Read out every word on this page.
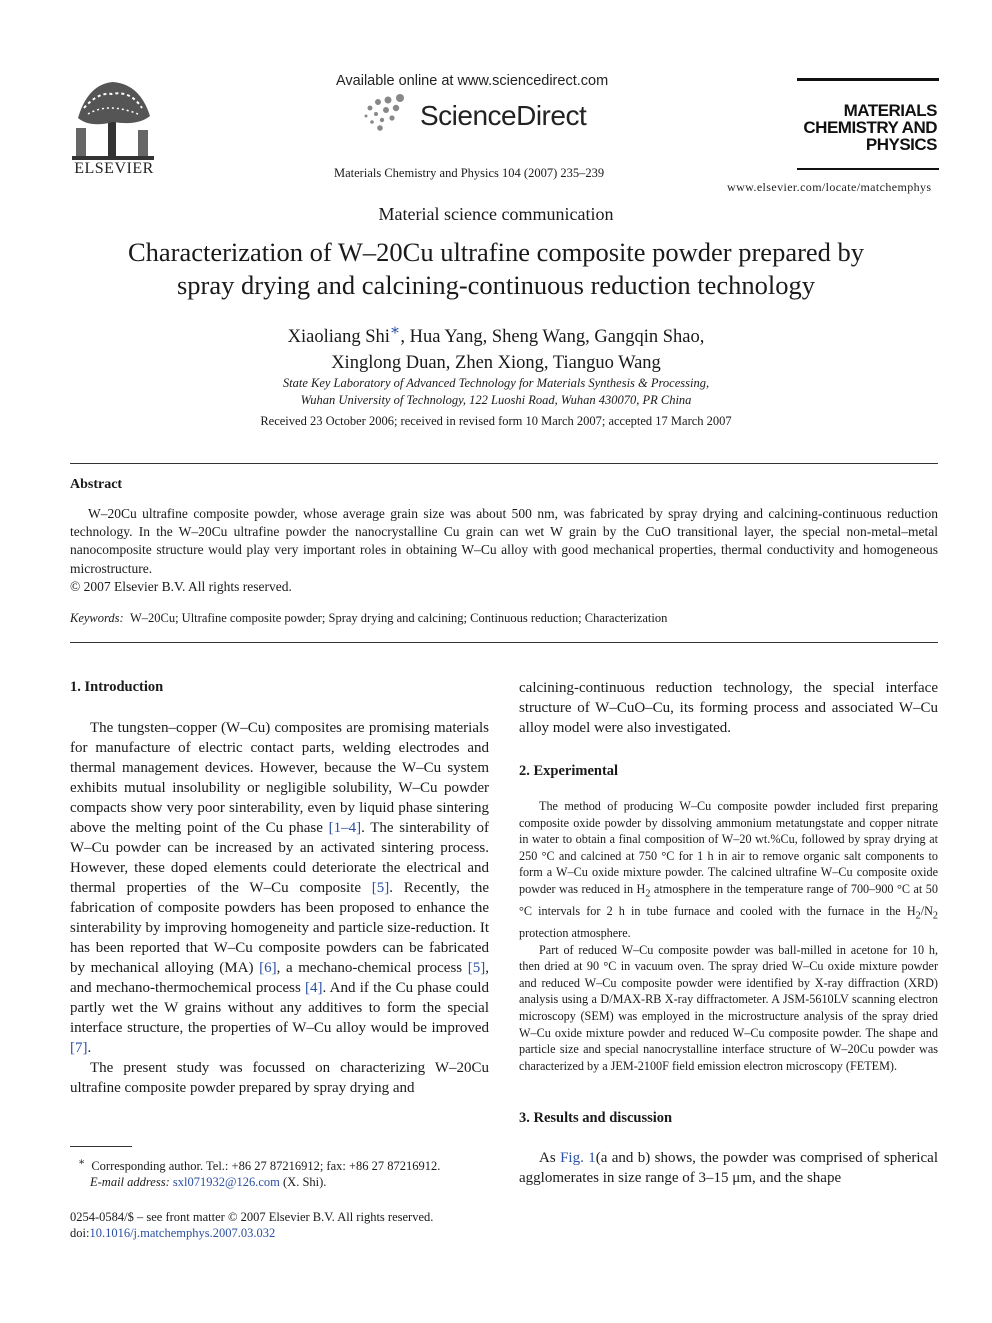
ELSEVIER
Available online at www.sciencedirect.com
ScienceDirect
Materials Chemistry and Physics 104 (2007) 235–239
MATERIALS
CHEMISTRY AND
PHYSICS
www.elsevier.com/locate/matchemphys
Material science communication
Characterization of W–20Cu ultrafine composite powder prepared by
spray drying and calcining-continuous reduction technology
Xiaoliang Shi∗, Hua Yang, Sheng Wang, Gangqin Shao,
Xinglong Duan, Zhen Xiong, Tianguo Wang
State Key Laboratory of Advanced Technology for Materials Synthesis & Processing,
Wuhan University of Technology, 122 Luoshi Road, Wuhan 430070, PR China
Received 23 October 2006; received in revised form 10 March 2007; accepted 17 March 2007
Abstract

W–20Cu ultrafine composite powder, whose average grain size was about 500 nm, was fabricated by spray drying and calcining-continuous reduction technology. In the W–20Cu ultrafine powder the nanocrystalline Cu grain can wet W grain by the CuO transitional layer, the special non-metal–metal nanocomposite structure would play very important roles in obtaining W–Cu alloy with good mechanical properties, thermal conductivity and homogeneous microstructure.

© 2007 Elsevier B.V. All rights reserved.
Keywords: W–20Cu; Ultrafine composite powder; Spray drying and calcining; Continuous reduction; Characterization
1. Introduction

The tungsten–copper (W–Cu) composites are promising materials for manufacture of electric contact parts, welding electrodes and thermal management devices. However, because the W–Cu system exhibits mutual insolubility or negligible solubility, W–Cu powder compacts show very poor sinterability, even by liquid phase sintering above the melting point of the Cu phase [1–4]. The sinterability of W–Cu powder can be increased by an activated sintering process. However, these doped elements could deteriorate the electrical and thermal properties of the W–Cu composite [5]. Recently, the fabrication of composite powders has been proposed to enhance the sinterability by improving homogeneity and particle size-reduction. It has been reported that W–Cu composite powders can be fabricated by mechanical alloying (MA) [6], a mechano-chemical process [5], and mechano-thermochemical process [4]. And if the Cu phase could partly wet the W grains without any additives to form the special interface structure, the properties of W–Cu alloy would be improved [7].

The present study was focussed on characterizing W–20Cu ultrafine composite powder prepared by spray drying and

∗ Corresponding author. Tel.: +86 27 87216912; fax: +86 27 87216912.
E-mail address: sxl071932@126.com (X. Shi).
0254-0584/$ – see front matter © 2007 Elsevier B.V. All rights reserved.
doi:10.1016/j.matchemphys.2007.03.032
calcining-continuous reduction technology, the special interface structure of W–CuO–Cu, its forming process and associated W–Cu alloy model were also investigated.
2. Experimental

The method of producing W–Cu composite powder included first preparing composite oxide powder by dissolving ammonium metatungstate and copper nitrate in water to obtain a final composition of W–20 wt.%Cu, followed by spray drying at 250 °C and calcined at 750 °C for 1 h in air to remove organic salt components to form a W–Cu oxide mixture powder. The calcined ultrafine W–Cu composite oxide powder was reduced in $H_2$ atmosphere in the temperature range of 700–900 °C at 50 °C intervals for 2 h in tube furnace and cooled with the furnace in the $H_2/N_2$ protection atmosphere.

Part of reduced W–Cu composite powder was ball-milled in acetone for 10 h, then dried at 90 °C in vacuum oven. The spray dried W–Cu oxide mixture powder and reduced W–Cu composite powder were identified by X-ray diffraction (XRD) analysis using a D/MAX-RB X-ray diffractometer. A JSM-5610LV scanning electron microscopy (SEM) was employed in the microstructure analysis of the spray dried W–Cu oxide mixture powder and reduced W–Cu composite powder. The shape and particle size and special nanocrystalline interface structure of W–20Cu powder was characterized by a JEM-2100F field emission electron microscopy (FETEM).

3. Results and discussion

As Fig. 1(a and b) shows, the powder was comprised of spherical agglomerates in size range of 3–15 μm, and the shape
